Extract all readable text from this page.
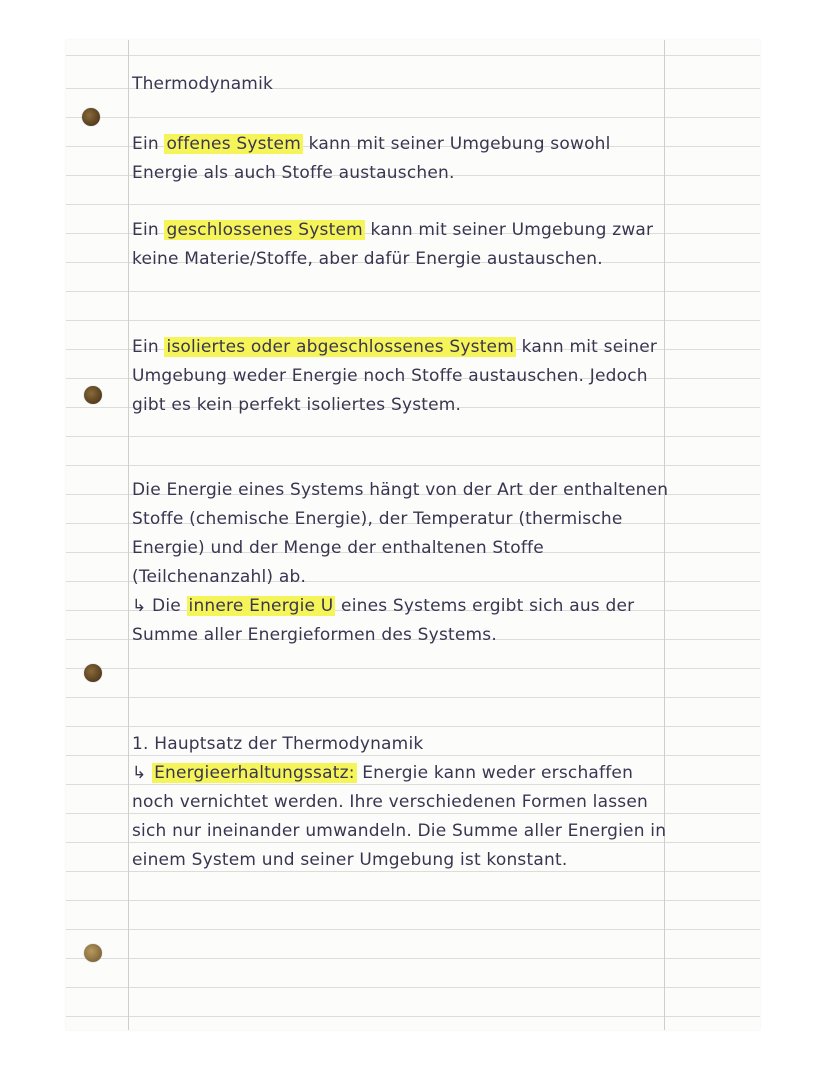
Thermodynamik

Ein offenes System kann mit seiner Umgebung sowohl Energie als auch Stoffe austauschen.

Ein geschlossenes System kann mit seiner Umgebung zwar keine Materie/Stoffe, aber dafür Energie austauschen.

Ein isoliertes oder abgeschlossenes System kann mit seiner Umgebung weder Energie noch Stoffe austauschen. Jedoch gibt es kein perfekt isoliertes System.

Die Energie eines Systems hängt von der Art der enthaltenen Stoffe (chemische Energie), der Temperatur (thermische Energie) und der Menge der enthaltenen Stoffe (Teilchenanzahl) ab.
↳ Die innere Energie U eines Systems ergibt sich aus der Summe aller Energieformen des Systems.

1. Hauptsatz der Thermodynamik
↳ Energieerhaltungssatz: Energie kann weder erschaffen noch vernichtet werden. Ihre verschiedenen Formen lassen sich nur ineinander umwandeln. Die Summe aller Energien in einem System und seiner Umgebung ist konstant.
